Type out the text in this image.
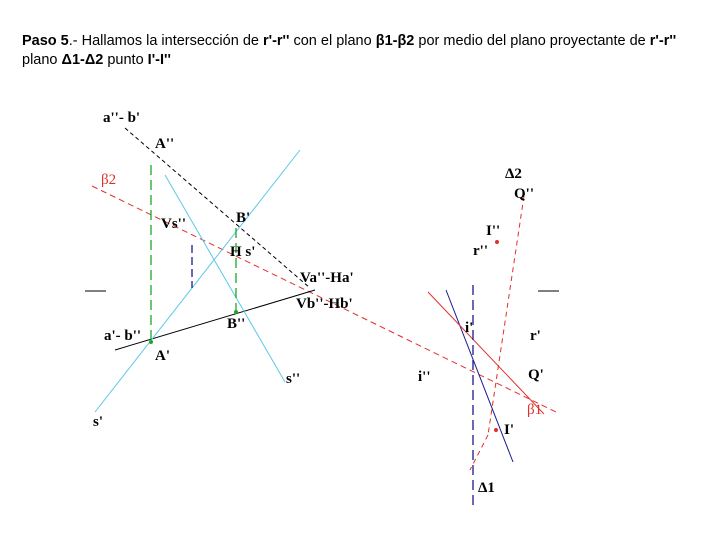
Paso 5.- Hallamos la intersección de r'-r'' con el plano β1-β2 por medio del plano proyectante de r'-r'' plano Δ1-Δ2 punto I'-I''
a''- b'
A''
β2
Vs''	B'
H s'
Va''-Ha'
Vb''-Hb'
a'- b''
B''
A'
s''
s'
Δ2
Q''
I''
r''
i'	r'
i''	Q'
β1
I'
Δ1
